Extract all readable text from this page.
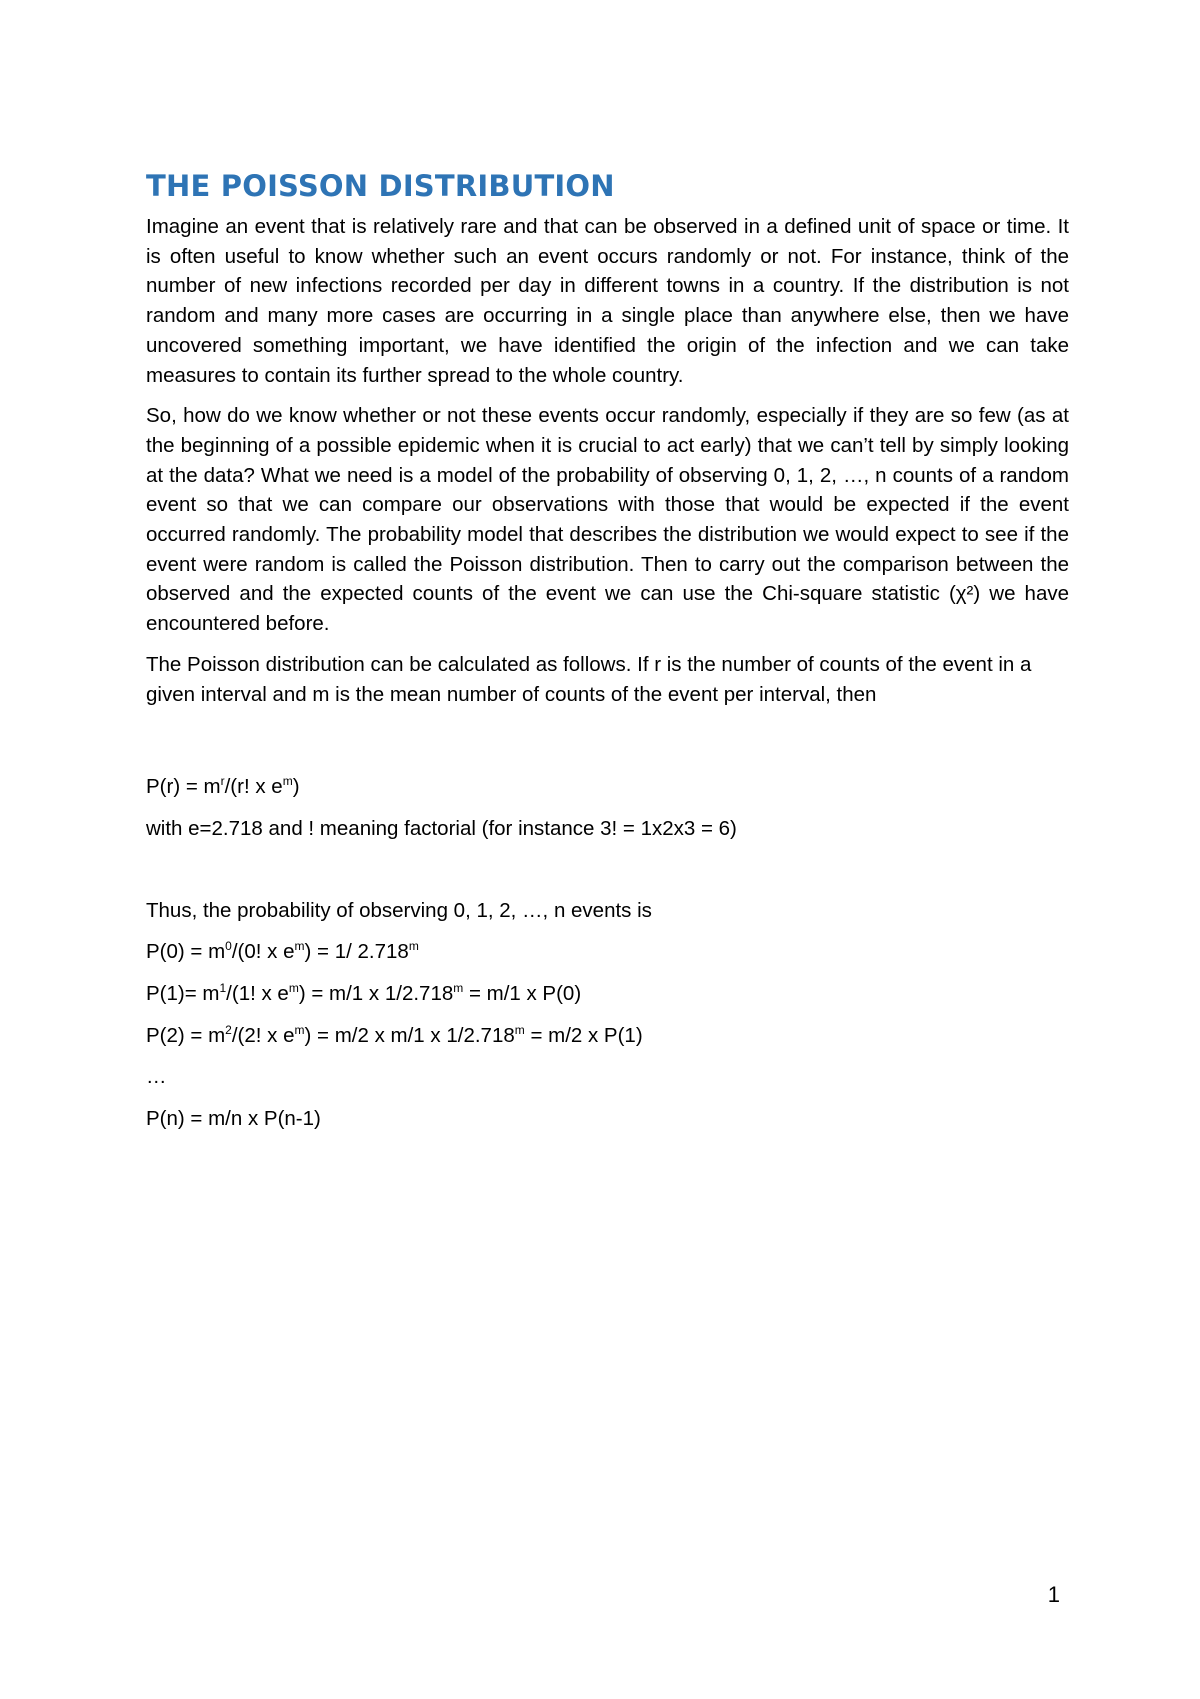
THE POISSON DISTRIBUTION

Imagine an event that is relatively rare and that can be observed in a defined unit of space or time. It is often useful to know whether such an event occurs randomly or not. For instance, think of the number of new infections recorded per day in different towns in a country. If the distribution is not random and many more cases are occurring in a single place than anywhere else, then we have uncovered something important, we have identified the origin of the infection and we can take measures to contain its further spread to the whole country.

So, how do we know whether or not these events occur randomly, especially if they are so few (as at the beginning of a possible epidemic when it is crucial to act early) that we can’t tell by simply looking at the data? What we need is a model of the probability of observing 0, 1, 2, …, n counts of a random event so that we can compare our observations with those that would be expected if the event occurred randomly. The probability model that describes the distribution we would expect to see if the event were random is called the Poisson distribution. Then to carry out the comparison between the observed and the expected counts of the event we can use the Chi-square statistic (χ²) we have encountered before.

The Poisson distribution can be calculated as follows. If r is the number of counts of the event in a given interval and m is the mean number of counts of the event per interval, then

$P(r) = m^r/(r$! x $e^m$)

with e=2.718 and ! meaning factorial (for instance 3! = 1x2x3 = 6)

Thus, the probability of observing 0, 1, 2, …, n events is

$P(0) = m^0/(0$! x $e^m) = 1/$ 2.718$^m$

$P(1)= m^1/(1$! x $e^m) = m/1$ x $1/2.718^m = m/1$ x P(0)

$P(2) = m^2/(2$! x $e^m) = m/2$ x m/1 x $1/2.718^m = m/2$ x P(1)

…

P(n) = m/n x P(n-1)

1
